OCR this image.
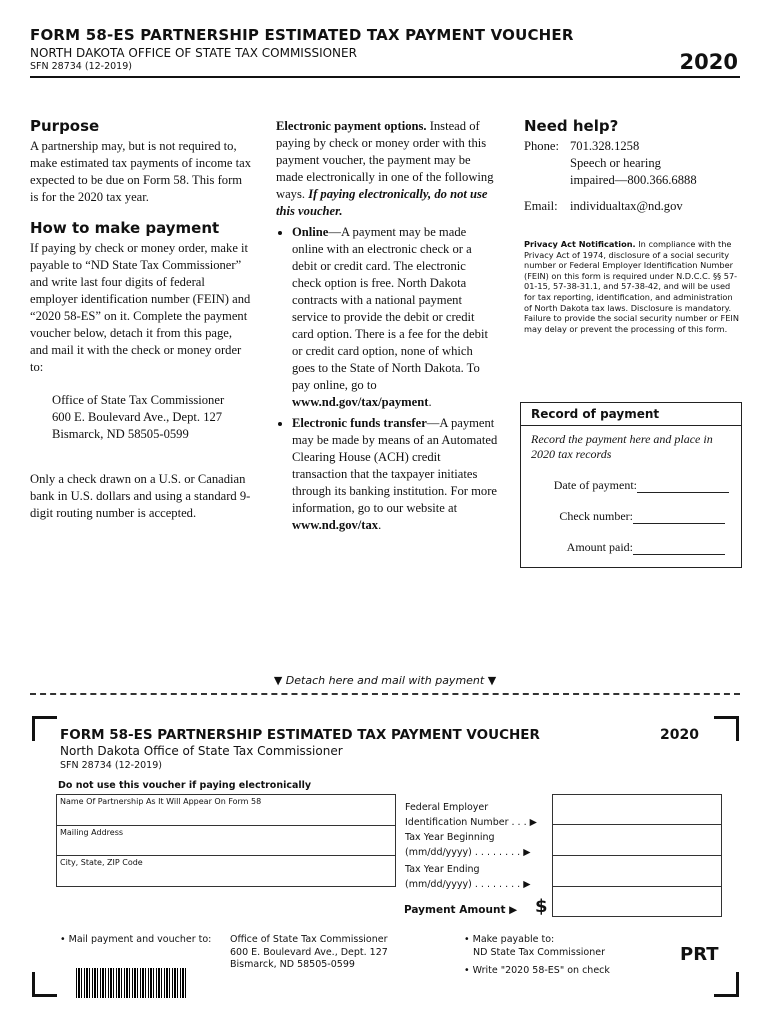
FORM 58-ES PARTNERSHIP ESTIMATED TAX PAYMENT VOUCHER
NORTH DAKOTA OFFICE OF STATE TAX COMMISSIONER
SFN 28734 (12-2019)	2020
Purpose

A partnership may, but is not required to, make estimated tax payments of income tax expected to be due on Form 58. This form is for the 2020 tax year.

How to make payment

If paying by check or money order, make it payable to “ND State Tax Commissioner” and write last four digits of federal employer identification number (FEIN) and “2020 58-ES” on it. Complete the payment voucher below, detach it from this page, and mail it with the check or money order to:

Office of State Tax Commissioner
600 E. Boulevard Ave., Dept. 127
Bismarck, ND 58505-0599

Only a check drawn on a U.S. or Canadian bank in U.S. dollars and using a standard 9-digit routing number is accepted.

Electronic payment options. Instead of paying by check or money order with this payment voucher, the payment may be made electronically in one of the following ways. If paying electronically, do not use this voucher.

• Online—A payment may be made online with an electronic check or a debit or credit card. The electronic check option is free. North Dakota contracts with a national payment service to provide the debit or credit card option. There is a fee for the debit or credit card option, none of which goes to the State of North Dakota. To pay online, go to www.nd.gov/tax/payment.
• Electronic funds transfer—A payment may be made by means of an Automated Clearing House (ACH) credit transaction that the taxpayer initiates through its banking institution. For more information, go to our website at www.nd.gov/tax.
Need help?
Phone: 701.328.1258
Speech or hearing
impaired—800.366.6888
Email: individualtax@nd.gov

Privacy Act Notification. In compliance with the Privacy Act of 1974, disclosure of a social security number or Federal Employer Identification Number (FEIN) on this form is required under N.D.C.C. §§ 57-01-15, 57-38-31.1, and 57-38-42, and will be used for tax reporting, identification, and administration of North Dakota tax laws. Disclosure is mandatory. Failure to provide the social security number or FEIN may delay or prevent the processing of this form.

Record of payment
Record the payment here and place in 2020 tax records
Date of payment:
Check number:
Amount paid:
▼ Detach here and mail with payment ▼
FORM 58-ES PARTNERSHIP ESTIMATED TAX PAYMENT VOUCHER	2020
North Dakota Office of State Tax Commissioner
SFN 28734 (12-2019)
Do not use this voucher if paying electronically
Name Of Partnership As It Will Appear On Form 58
Mailing Address
City, State, ZIP Code
Federal Employer
Identification Number . . . ▶
Tax Year Beginning
(mm/dd/yyyy) . . . . . . . . ▶
Tax Year Ending
(mm/dd/yyyy) . . . . . . . . ▶
Payment Amount ▶ $
• Mail payment and voucher to: Office of State Tax Commissioner
600 E. Boulevard Ave., Dept. 127
Bismarck, ND 58505-0599
• Make payable to:
ND State Tax Commissioner
• Write "2020 58-ES" on check
PRT
